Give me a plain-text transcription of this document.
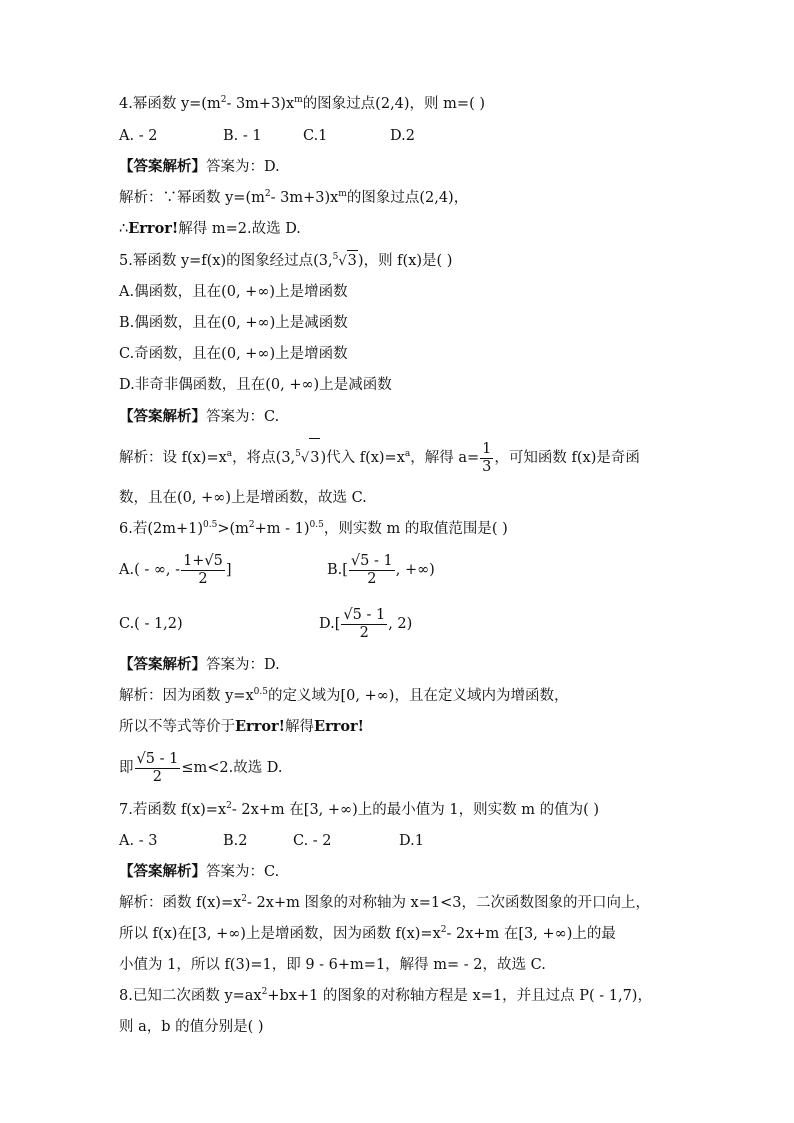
4.幂函数 $y=(m^2-$ $3m+3)x^m$的图象过点(2,4)，则 m=( )
A. - 2	B. - 1	C.1	D.2
【答案解析】答案为：D.
解析：∵幂函数 $y=(m^2-$ $3m+3)x^m$的图象过点(2,4)，
∴Error!解得 m=2.故选 D.
5.幂函数 y=f(x)的图象经过点(3,$^5$√3)，则 f(x)是( )
A.偶函数，且在(0, +∞)上是增函数
B.偶函数，且在(0, +∞)上是减函数
C.奇函数，且在(0, +∞)上是增函数
D.非奇非偶函数，且在(0, +∞)上是减函数
【答案解析】答案为：C.
解析：设 $f(x)=x^a$，将点(3,$^5$√3)代入 $f(x)=x^a$，解得 $a= \frac{1}{3}$ ，可知函数 f(x)是奇函
数，且在(0, +∞)上是增函数，故选 C.
6.若$(2m+1)^{0.5}>(m^2+m - 1)^{0.5}$，则实数 m 的取值范围是( )
A.( - ∞, - $\frac{1+√5}{2}$ ]	$B.[ \frac{√5 - 1}{2}$ , +∞)
C.( - 1,2)	$D.[ \frac{√5 - 1}{2}$ , 2)
【答案解析】答案为：D.
解析：因为函数 $y=x^{0.5}$的定义域为[0, +∞)，且在定义域内为增函数，
所以不等式等价于Error!解得Error!
即 $\frac{√5 - 1}{2} \le m<2$.故选 D.
7.若函数 $f(x)=x^2-$ 2x+m 在[3, +∞)上的最小值为 1，则实数 m 的值为( )
A. - 3	B.2	C. - 2	D.1
【答案解析】答案为：C.
解析：函数 $f(x)=x^2-$ 2x+m 图象的对称轴为 x=1<3，二次函数图象的开口向上，
所以 f(x)在[3, +∞)上是增函数，因为函数 $f(x)=x^2-$ 2x+m 在[3, +∞)上的最
小值为 1，所以 f(3)=1，即 9 - 6+m=1，解得 m= - 2，故选 C.
8.已知二次函数 $y=ax^2+bx+1$ 的图象的对称轴方程是 x=1，并且过点 P( - 1,7)，
则 a，b 的值分别是( )
